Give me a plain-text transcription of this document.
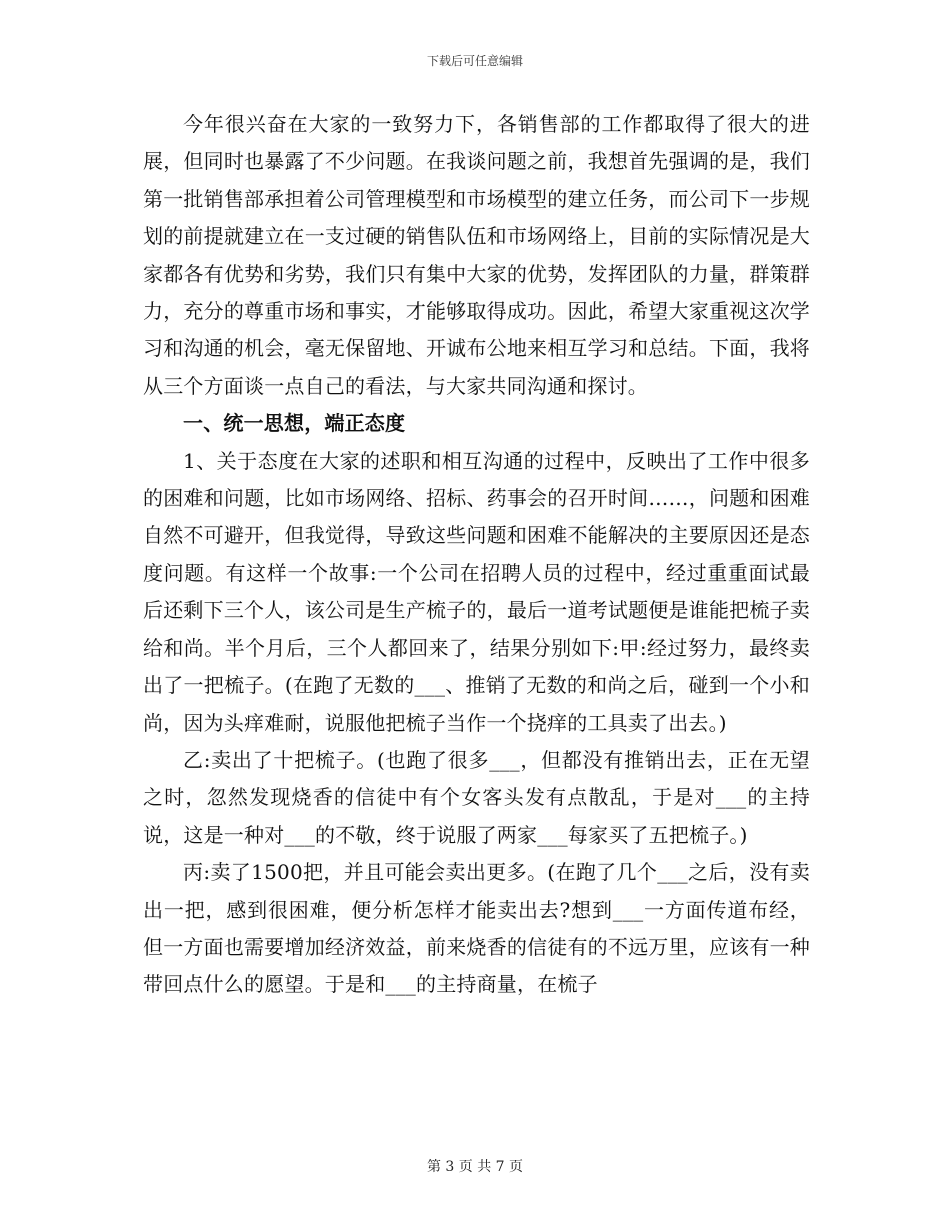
下载后可任意编辑

今年很兴奋在大家的一致努力下，各销售部的工作都取得了很大的进展，但同时也暴露了不少问题。在我谈问题之前，我想首先强调的是，我们第一批销售部承担着公司管理模型和市场模型的建立任务，而公司下一步规划的前提就建立在一支过硬的销售队伍和市场网络上，目前的实际情况是大家都各有优势和劣势，我们只有集中大家的优势，发挥团队的力量，群策群力，充分的尊重市场和事实，才能够取得成功。因此，希望大家重视这次学习和沟通的机会，毫无保留地、开诚布公地来相互学习和总结。下面，我将从三个方面谈一点自己的看法，与大家共同沟通和探讨。

一、统一思想，端正态度

1、关于态度在大家的述职和相互沟通的过程中，反映出了工作中很多的困难和问题，比如市场网络、招标、药事会的召开时间……，问题和困难自然不可避开，但我觉得，导致这些问题和困难不能解决的主要原因还是态度问题。有这样一个故事:一个公司在招聘人员的过程中，经过重重面试最后还剩下三个人，该公司是生产梳子的，最后一道考试题便是谁能把梳子卖给和尚。半个月后，三个人都回来了，结果分别如下:甲:经过努力，最终卖出了一把梳子。(在跑了无数的___、推销了无数的和尚之后，碰到一个小和尚，因为头痒难耐，说服他把梳子当作一个挠痒的工具卖了出去。)

乙:卖出了十把梳子。(也跑了很多___，但都没有推销出去，正在无望之时，忽然发现烧香的信徒中有个女客头发有点散乱，于是对___的主持说，这是一种对___的不敬，终于说服了两家___每家买了五把梳子。)

丙:卖了1500把，并且可能会卖出更多。(在跑了几个___之后，没有卖出一把，感到很困难，便分析怎样才能卖出去?想到___一方面传道布经，但一方面也需要增加经济效益，前来烧香的信徒有的不远万里，应该有一种带回点什么的愿望。于是和___的主持商量，在梳子

第 3 页 共 7 页
